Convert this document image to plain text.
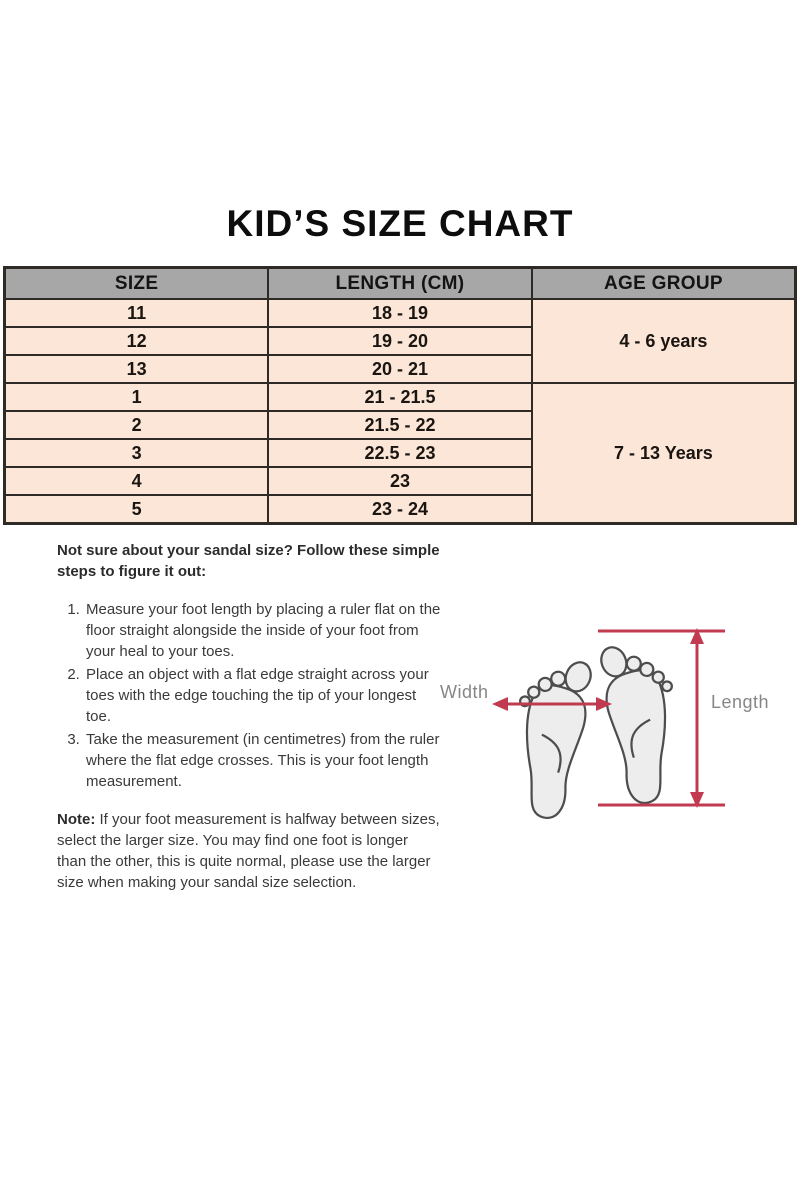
KID’S SIZE CHART
SIZE	LENGTH (CM)	AGE GROUP
11	18 - 19	4 - 6 years
12	19 - 20	
13	20 - 21	
1	21 - 21.5	7 - 13 Years
2	21.5 - 22	
3	22.5 - 23	
4	23	
5	23 - 24	

Not sure about your sandal size? Follow these simple steps to figure it out:

1. Measure your foot length by placing a ruler flat on the floor straight alongside the inside of your foot from your heal to your toes.
2. Place an object with a flat edge straight across your toes with the edge touching the tip of your longest toe.
3. Take the measurement (in centimetres) from the ruler where the flat edge crosses. This is your foot length measurement.

Note: If your foot measurement is halfway between sizes, select the larger size. You may find one foot is longer than the other, this is quite normal, please use the larger size when making your sandal size selection.

Width	Length
